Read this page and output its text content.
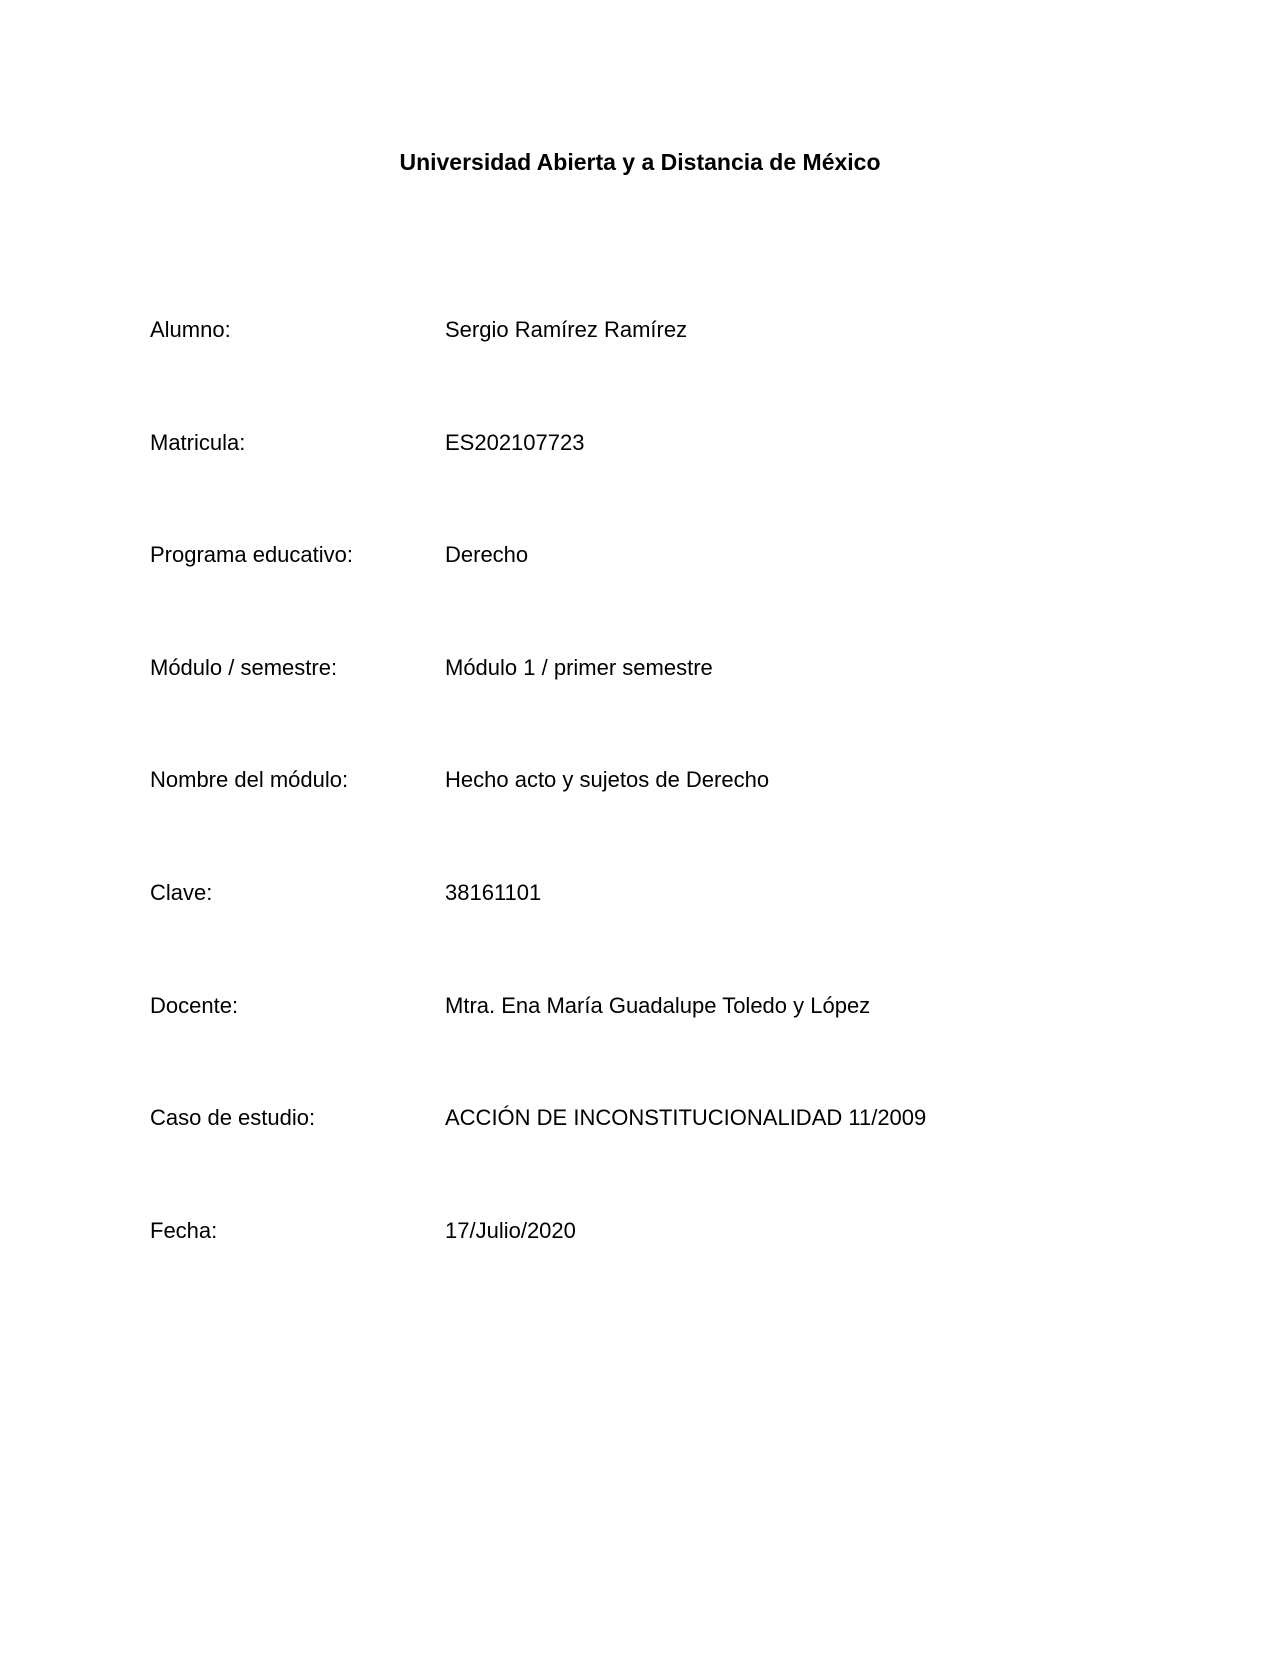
Universidad Abierta y a Distancia de México
Alumno:	Sergio Ramírez Ramírez
Matricula:	ES202107723
Programa educativo:	Derecho
Módulo / semestre:	Módulo 1 / primer semestre
Nombre del módulo:	Hecho acto y sujetos de Derecho
Clave:	38161101
Docente:	Mtra. Ena María Guadalupe Toledo y López
Caso de estudio:	ACCIÓN DE INCONSTITUCIONALIDAD 11/2009
Fecha:	17/Julio/2020
